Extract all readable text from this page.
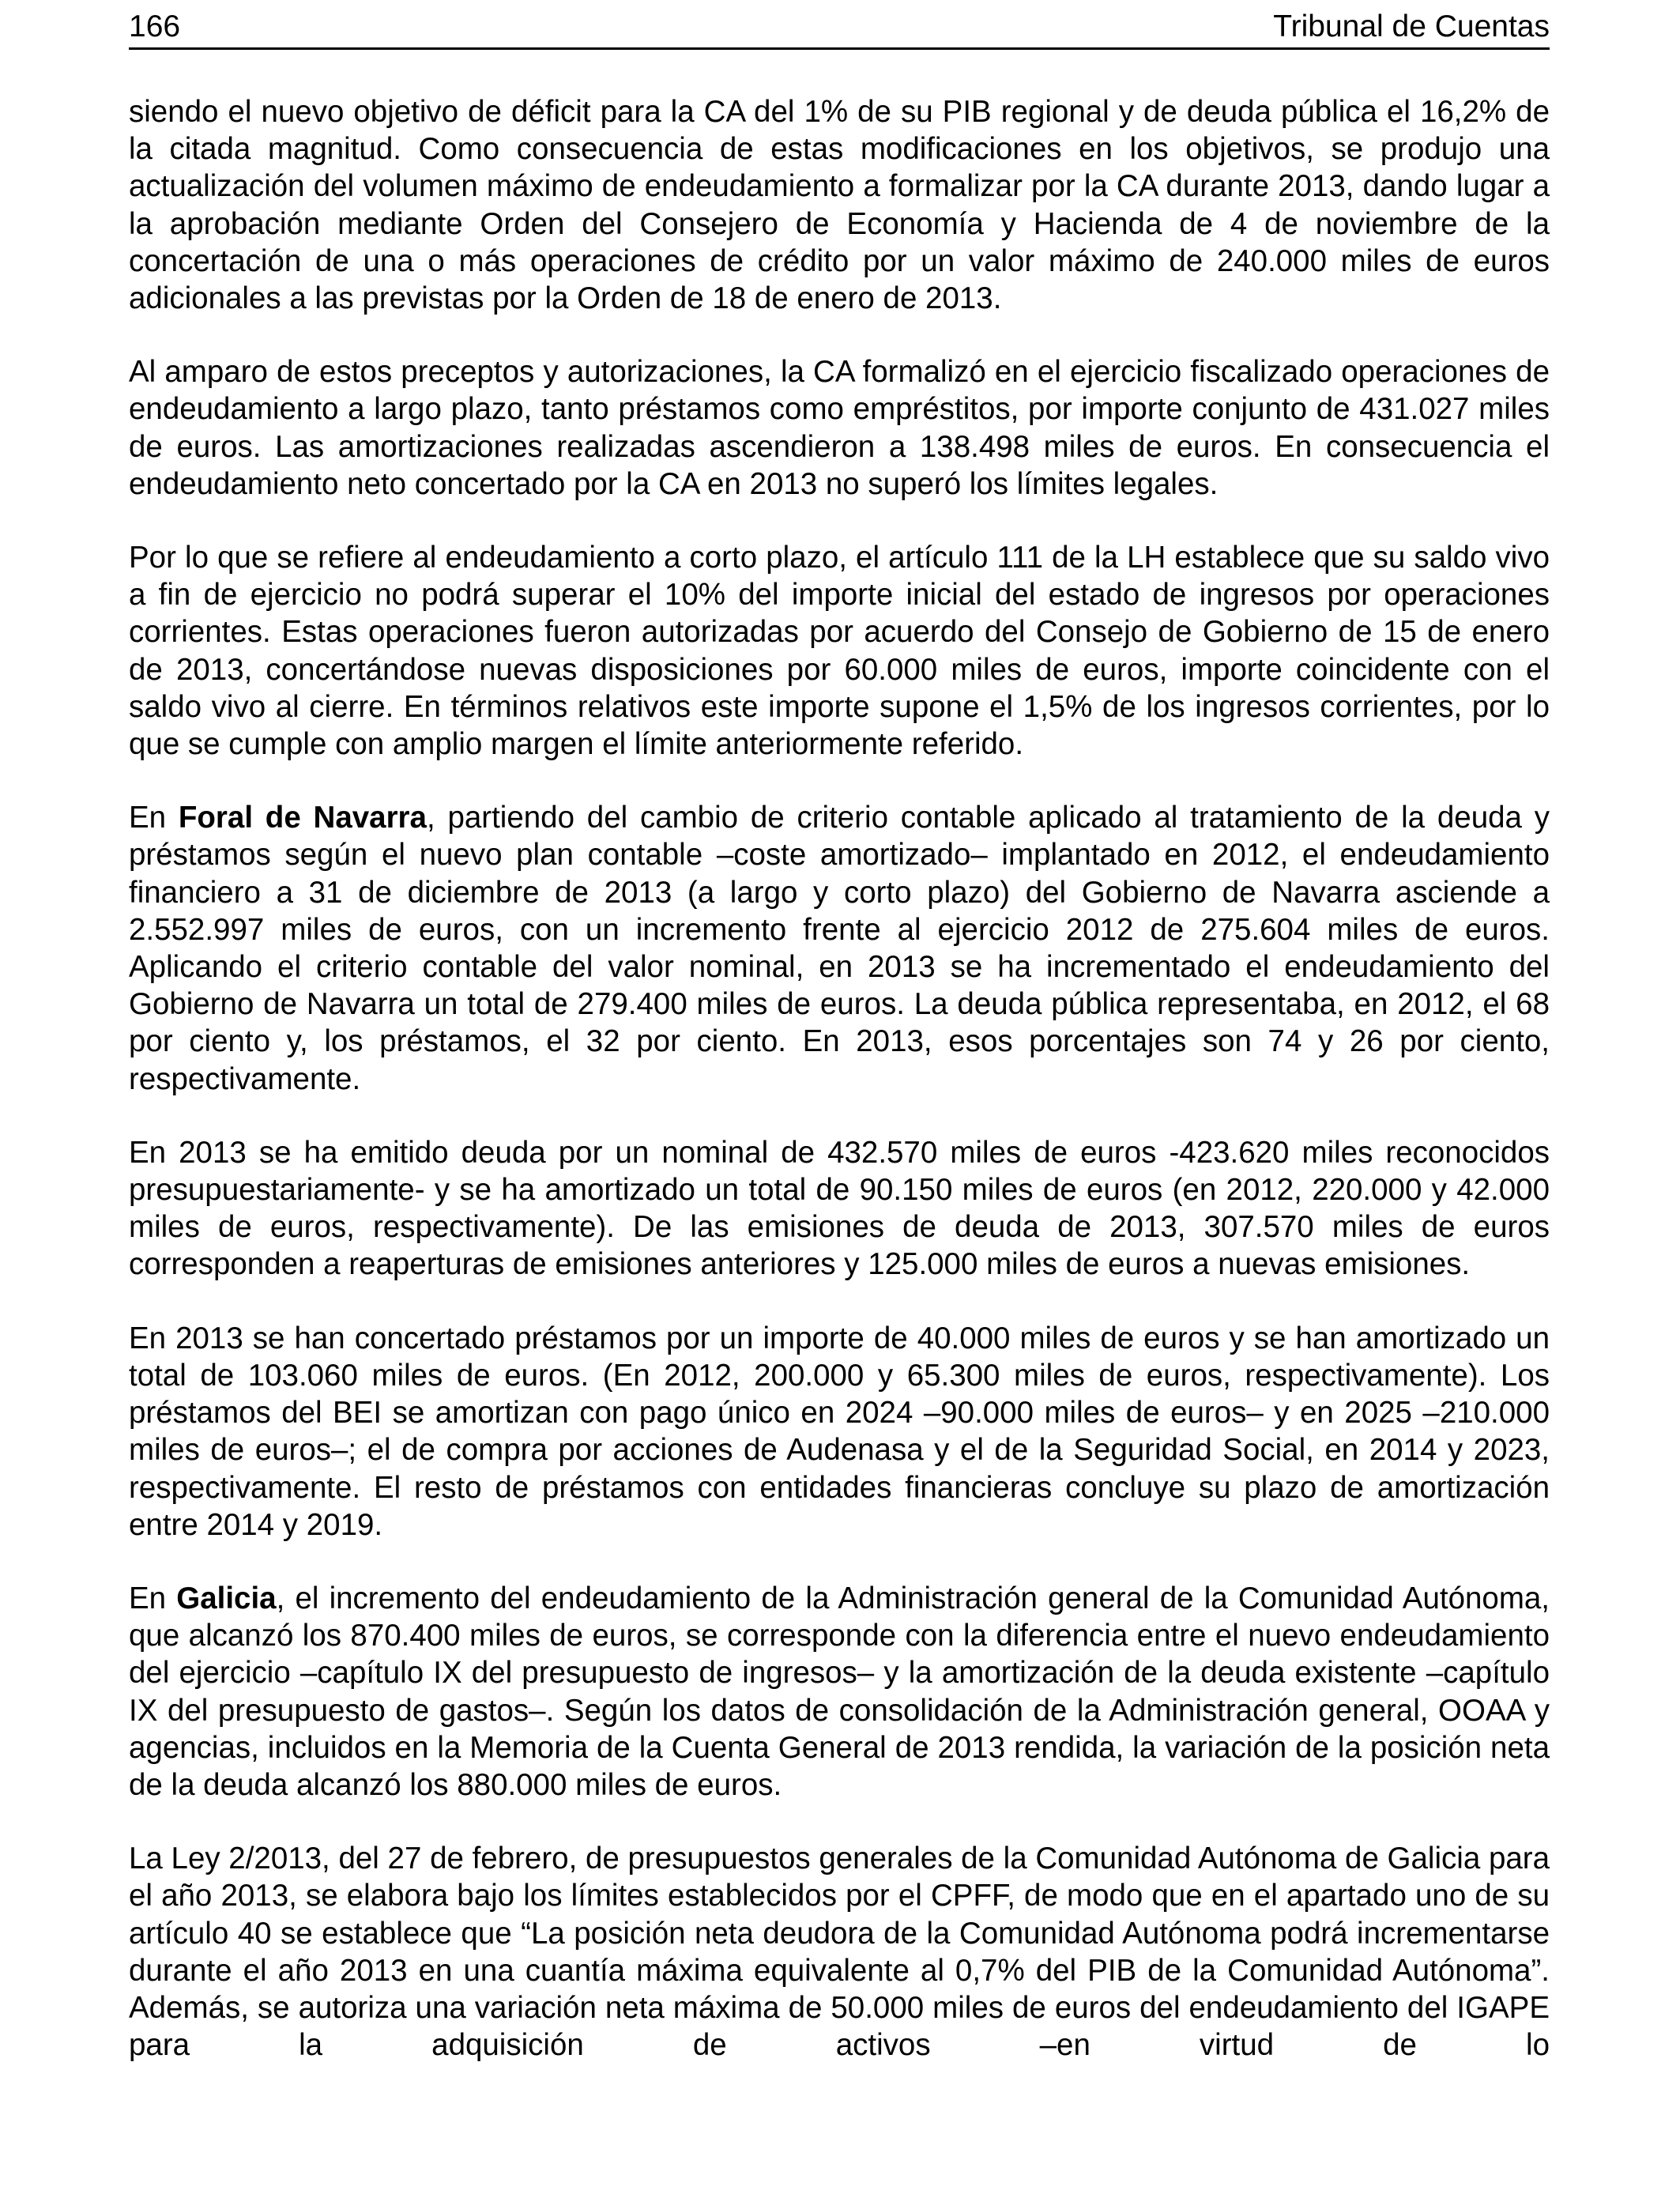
166	Tribunal de Cuentas

siendo el nuevo objetivo de déficit para la CA del 1% de su PIB regional y de deuda pública el 16,2% de la citada magnitud. Como consecuencia de estas modificaciones en los objetivos, se produjo una actualización del volumen máximo de endeudamiento a formalizar por la CA durante 2013, dando lugar a la aprobación mediante Orden del Consejero de Economía y Hacienda de 4 de noviembre de la concertación de una o más operaciones de crédito por un valor máximo de 240.000 miles de euros adicionales a las previstas por la Orden de 18 de enero de 2013.

Al amparo de estos preceptos y autorizaciones, la CA formalizó en el ejercicio fiscalizado operaciones de endeudamiento a largo plazo, tanto préstamos como empréstitos, por importe conjunto de 431.027 miles de euros. Las amortizaciones realizadas ascendieron a 138.498 miles de euros. En consecuencia el endeudamiento neto concertado por la CA en 2013 no superó los límites legales.

Por lo que se refiere al endeudamiento a corto plazo, el artículo 111 de la LH establece que su saldo vivo a fin de ejercicio no podrá superar el 10% del importe inicial del estado de ingresos por operaciones corrientes. Estas operaciones fueron autorizadas por acuerdo del Consejo de Gobierno de 15 de enero de 2013, concertándose nuevas disposiciones por 60.000 miles de euros, importe coincidente con el saldo vivo al cierre. En términos relativos este importe supone el 1,5% de los ingresos corrientes, por lo que se cumple con amplio margen el límite anteriormente referido.

En Foral de Navarra, partiendo del cambio de criterio contable aplicado al tratamiento de la deuda y préstamos según el nuevo plan contable –coste amortizado– implantado en 2012, el endeudamiento financiero a 31 de diciembre de 2013 (a largo y corto plazo) del Gobierno de Navarra asciende a 2.552.997 miles de euros, con un incremento frente al ejercicio 2012 de 275.604 miles de euros. Aplicando el criterio contable del valor nominal, en 2013 se ha incrementado el endeudamiento del Gobierno de Navarra un total de 279.400 miles de euros. La deuda pública representaba, en 2012, el 68 por ciento y, los préstamos, el 32 por ciento. En 2013, esos porcentajes son 74 y 26 por ciento, respectivamente.

En 2013 se ha emitido deuda por un nominal de 432.570 miles de euros -423.620 miles reconocidos presupuestariamente- y se ha amortizado un total de 90.150 miles de euros (en 2012, 220.000 y 42.000 miles de euros, respectivamente). De las emisiones de deuda de 2013, 307.570 miles de euros corresponden a reaperturas de emisiones anteriores y 125.000 miles de euros a nuevas emisiones.

En 2013 se han concertado préstamos por un importe de 40.000 miles de euros y se han amortizado un total de 103.060 miles de euros. (En 2012, 200.000 y 65.300 miles de euros, respectivamente). Los préstamos del BEI se amortizan con pago único en 2024 –90.000 miles de euros– y en 2025 –210.000 miles de euros–; el de compra por acciones de Audenasa y el de la Seguridad Social, en 2014 y 2023, respectivamente. El resto de préstamos con entidades financieras concluye su plazo de amortización entre 2014 y 2019.

En Galicia, el incremento del endeudamiento de la Administración general de la Comunidad Autónoma, que alcanzó los 870.400 miles de euros, se corresponde con la diferencia entre el nuevo endeudamiento del ejercicio –capítulo IX del presupuesto de ingresos– y la amortización de la deuda existente –capítulo IX del presupuesto de gastos–. Según los datos de consolidación de la Administración general, OOAA y agencias, incluidos en la Memoria de la Cuenta General de 2013 rendida, la variación de la posición neta de la deuda alcanzó los 880.000 miles de euros.

La Ley 2/2013, del 27 de febrero, de presupuestos generales de la Comunidad Autónoma de Galicia para el año 2013, se elabora bajo los límites establecidos por el CPFF, de modo que en el apartado uno de su artículo 40 se establece que “La posición neta deudora de la Comunidad Autónoma podrá incrementarse durante el año 2013 en una cuantía máxima equivalente al 0,7% del PIB de la Comunidad Autónoma”. Además, se autoriza una variación neta máxima de 50.000 miles de euros del endeudamiento del IGAPE para la adquisición de activos –en virtud de lo
